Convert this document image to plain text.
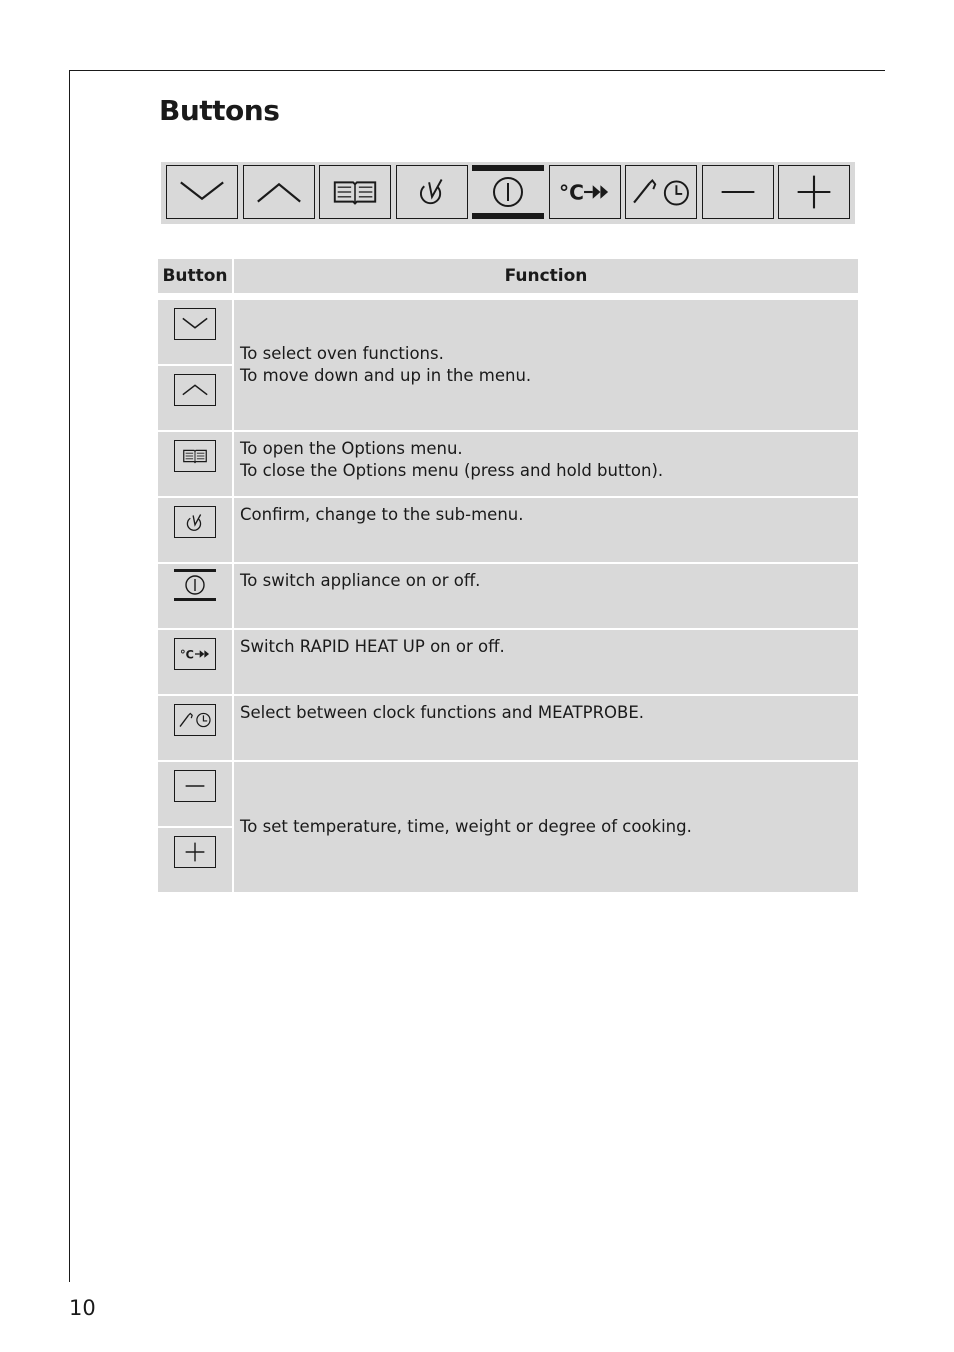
Buttons
°C
Button	Function

To select oven functions.
To move down and up in the menu.

To open the Options menu.
To close the Options menu (press and hold button).

Confirm, change to the sub-menu.

To switch appliance on or off.

°C	Switch RAPID HEAT UP on or off.

Select between clock functions and MEATPROBE.

To set temperature, time, weight or degree of cooking.

10
